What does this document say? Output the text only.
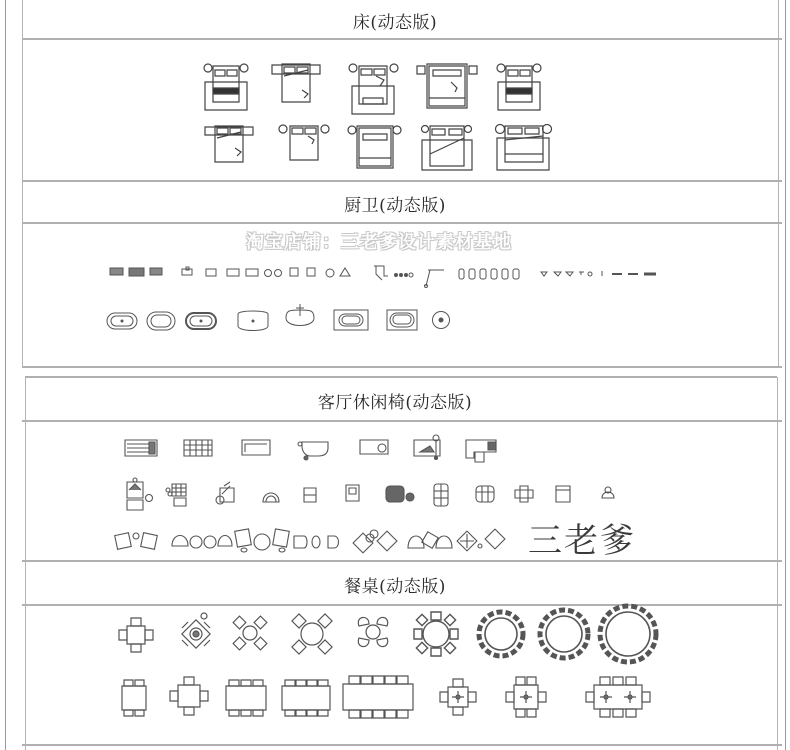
床(动态版)
厨卫(动态版)
客厅休闲椅(动态版)
餐桌(动态版)
淘宝店铺：三老爹设计素材基地
三老爹
